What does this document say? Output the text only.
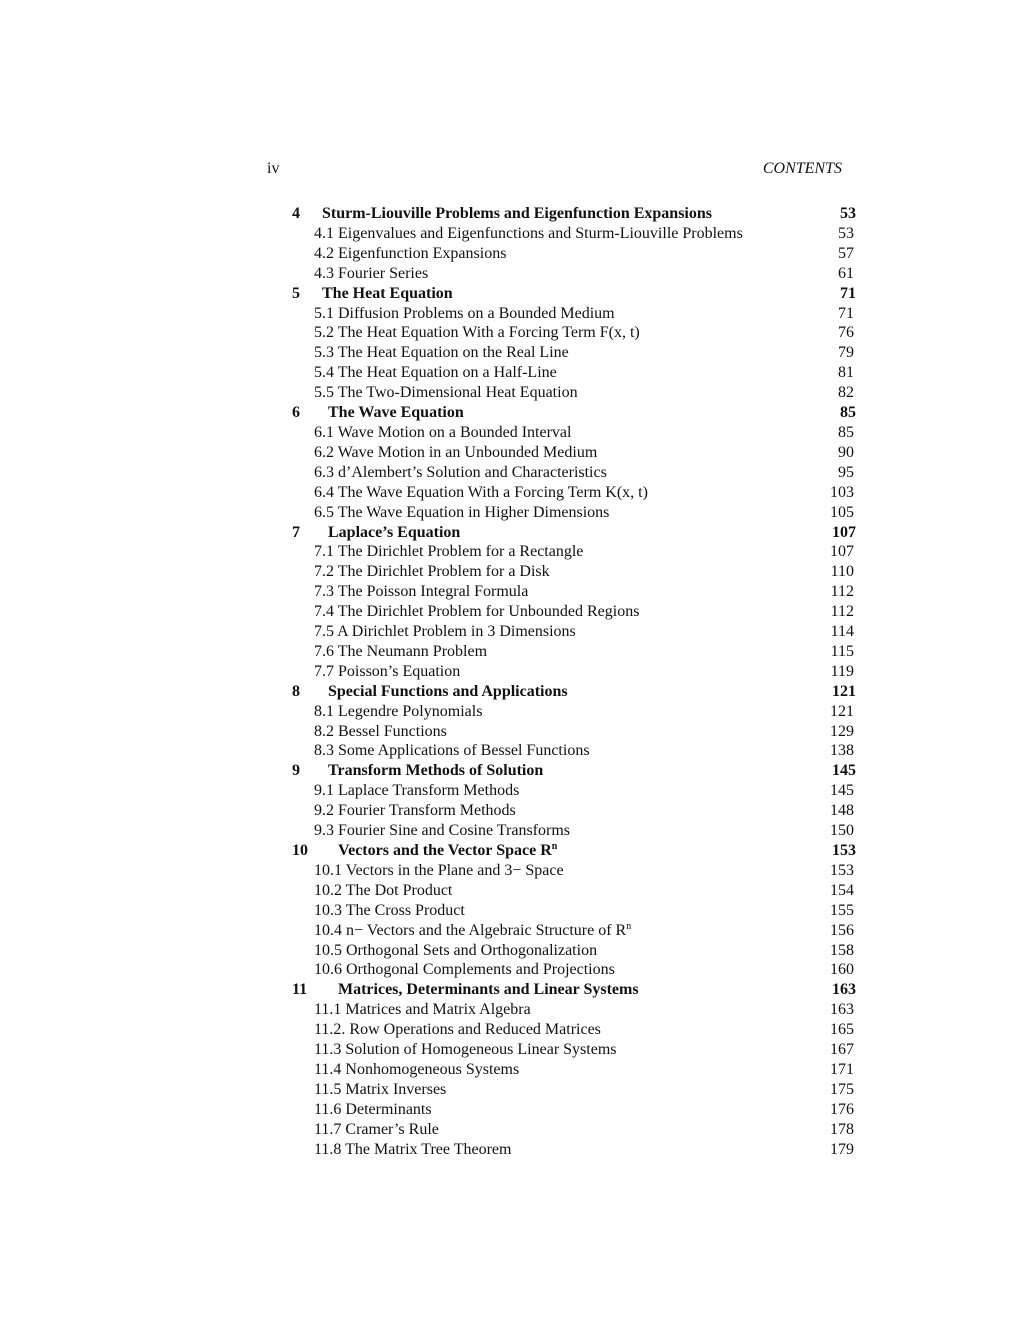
iv	CONTENTS
4 Sturm-Liouville Problems and Eigenfunction Expansions	53
4.1 Eigenvalues and Eigenfunctions and Sturm-Liouville Problems	53
4.2 Eigenfunction Expansions	57
4.3 Fourier Series	61
5 The Heat Equation	71
5.1 Diffusion Problems on a Bounded Medium	71
5.2 The Heat Equation With a Forcing Term F(x, t)	76
5.3 The Heat Equation on the Real Line	79
5.4 The Heat Equation on a Half-Line	81
5.5 The Two-Dimensional Heat Equation	82
6 The Wave Equation	85
6.1 Wave Motion on a Bounded Interval	85
6.2 Wave Motion in an Unbounded Medium	90
6.3 d’Alembert’s Solution and Characteristics	95
6.4 The Wave Equation With a Forcing Term K(x, t)	103
6.5 The Wave Equation in Higher Dimensions	105
7 Laplace’s Equation	107
7.1 The Dirichlet Problem for a Rectangle	107
7.2 The Dirichlet Problem for a Disk	110
7.3 The Poisson Integral Formula	112
7.4 The Dirichlet Problem for Unbounded Regions	112
7.5 A Dirichlet Problem in 3 Dimensions	114
7.6 The Neumann Problem	115
7.7 Poisson’s Equation	119
8 Special Functions and Applications	121
8.1 Legendre Polynomials	121
8.2 Bessel Functions	129
8.3 Some Applications of Bessel Functions	138
9 Transform Methods of Solution	145
9.1 Laplace Transform Methods	145
9.2 Fourier Transform Methods	148
9.3 Fourier Sine and Cosine Transforms	150
10 Vectors and the Vector Space $R^n$	153
10.1 Vectors in the Plane and 3− Space	153
10.2 The Dot Product	154
10.3 The Cross Product	155
10.4 n− Vectors and the Algebraic Structure of $R^n$	156
10.5 Orthogonal Sets and Orthogonalization	158
10.6 Orthogonal Complements and Projections	160
11 Matrices, Determinants and Linear Systems	163
11.1 Matrices and Matrix Algebra	163
11.2. Row Operations and Reduced Matrices	165
11.3 Solution of Homogeneous Linear Systems	167
11.4 Nonhomogeneous Systems	171
11.5 Matrix Inverses	175
11.6 Determinants	176
11.7 Cramer’s Rule	178
11.8 The Matrix Tree Theorem	179
